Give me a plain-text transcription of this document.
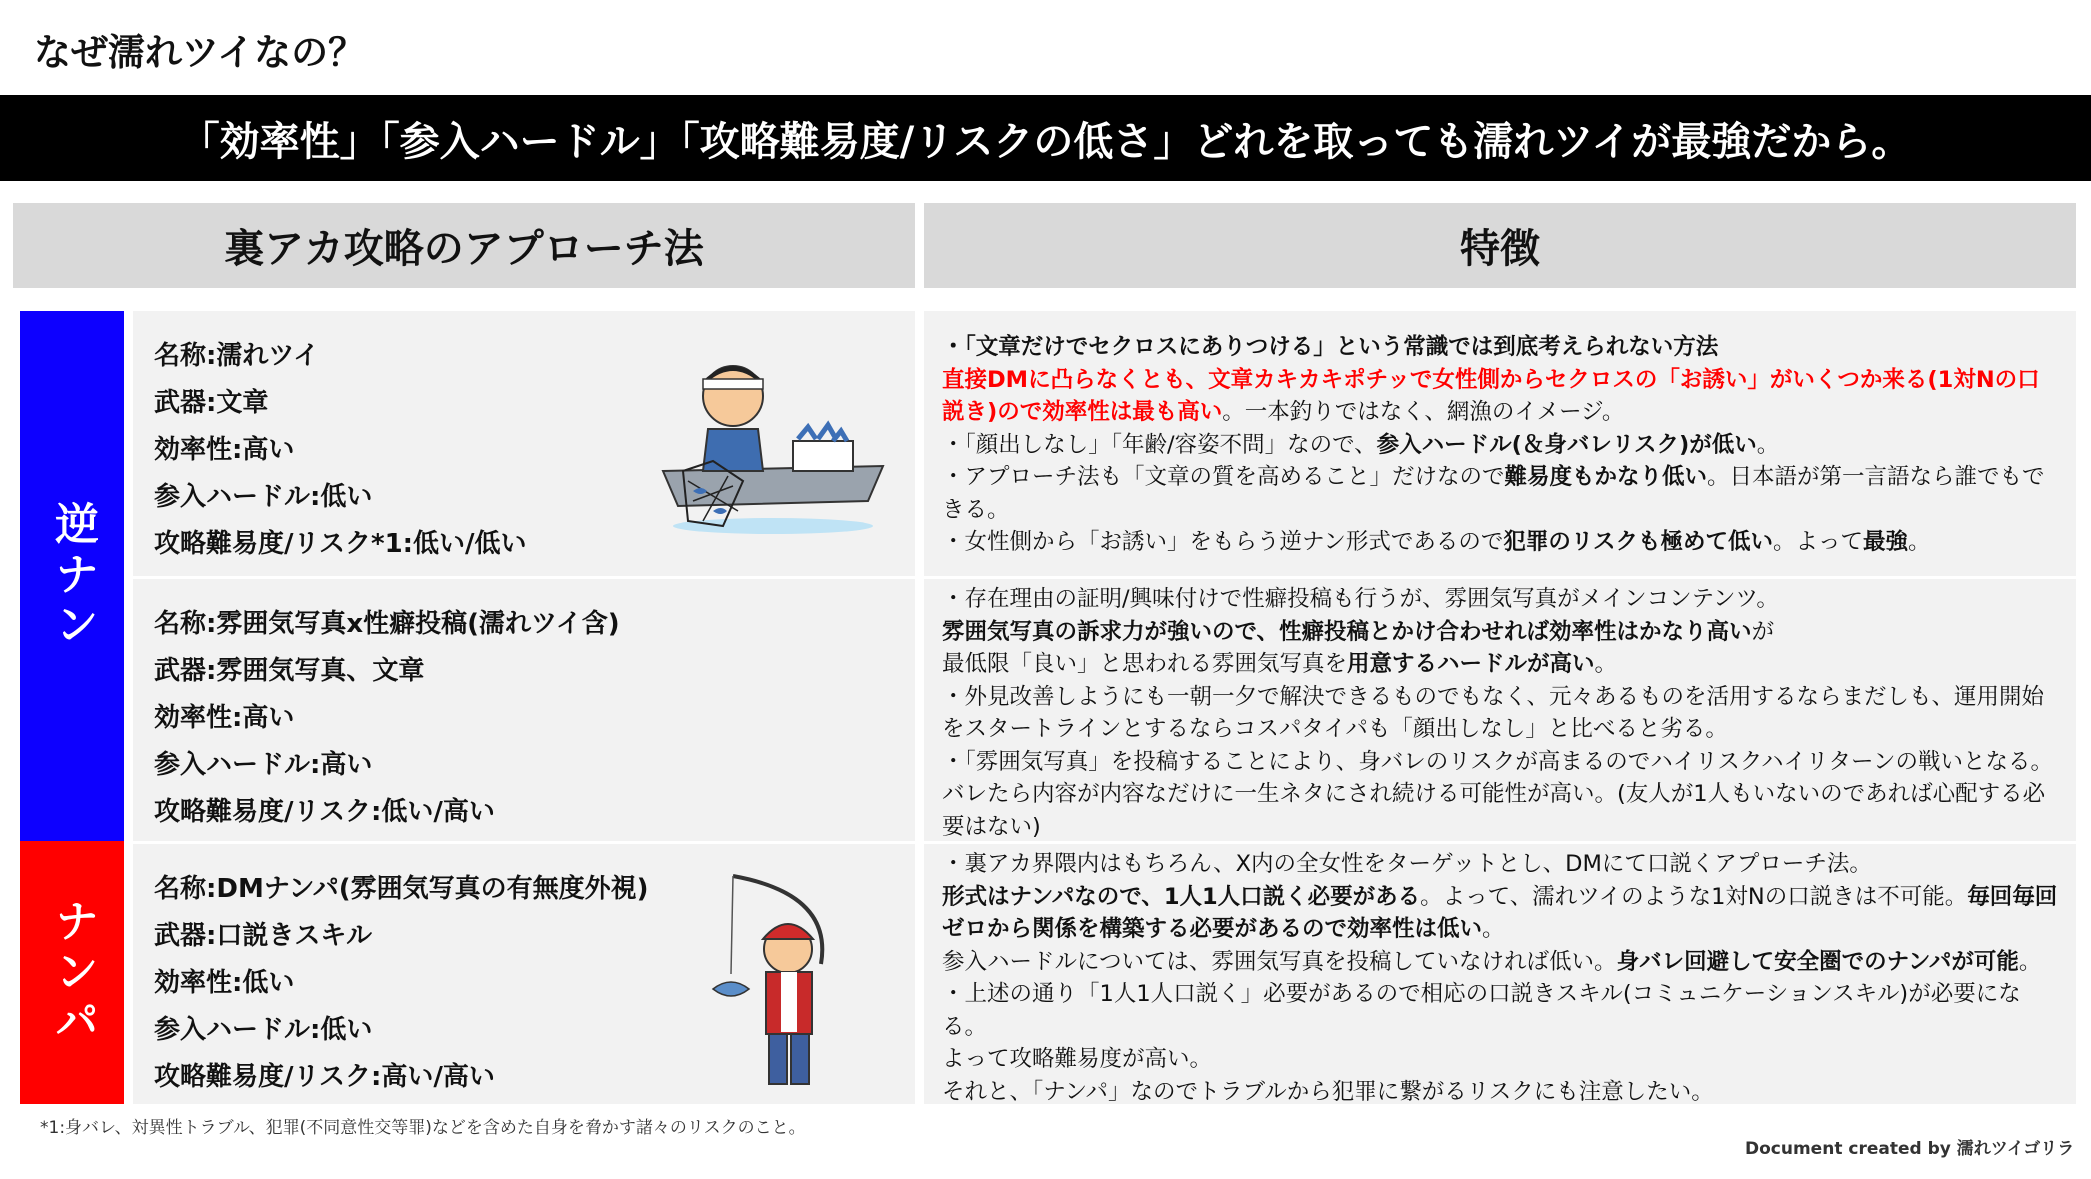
なぜ濡れツイなの？
「効率性」「参入ハードル」「攻略難易度/リスクの低さ」どれを取っても濡れツイが最強だから。
裏アカ攻略のアプローチ法	特徴
逆ナン
ナンパ
名称:濡れツイ
武器:文章
効率性:高い
参入ハードル:低い
攻略難易度/リスク*1:低い/低い

・「文章だけでセクロスにありつける」という常識では到底考えられない方法

直接DMに凸らなくとも、文章カキカキポチッで女性側からセクロスの「お誘い」がいくつか来る(1対Nの口説き)ので効率性は最も高い。一本釣りではなく、網漁のイメージ。

・「顔出しなし」「年齢/容姿不問」なので、参入ハードル(＆身バレリスク)が低い。

・アプローチ法も「文章の質を高めること」だけなので難易度もかなり低い。日本語が第一言語なら誰でもできる。

・女性側から「お誘い」をもらう逆ナン形式であるので犯罪のリスクも極めて低い。よって最強。

名称:雰囲気写真x性癖投稿(濡れツイ含)
武器:雰囲気写真、文章
効率性:高い
参入ハードル:高い
攻略難易度/リスク:低い/高い

・存在理由の証明/興味付けで性癖投稿も行うが、雰囲気写真がメインコンテンツ。

雰囲気写真の訴求力が強いので、性癖投稿とかけ合わせれば効率性はかなり高いが

最低限「良い」と思われる雰囲気写真を用意するハードルが高い。

・外見改善しようにも一朝一夕で解決できるものでもなく、元々あるものを活用するならまだしも、運用開始をスタートラインとするならコスパタイパも「顔出しなし」と比べると劣る。

・「雰囲気写真」を投稿することにより、身バレのリスクが高まるのでハイリスクハイリターンの戦いとなる。バレたら内容が内容なだけに一生ネタにされ続ける可能性が高い。(友人が1人もいないのであれば心配する必要はない)

名称:DMナンパ(雰囲気写真の有無度外視)
武器:口説きスキル
効率性:低い
参入ハードル:低い
攻略難易度/リスク:高い/高い

・裏アカ界隈内はもちろん、X内の全女性をターゲットとし、DMにて口説くアプローチ法。

形式はナンパなので、1人1人口説く必要がある。よって、濡れツイのような1対Nの口説きは不可能。毎回毎回ゼロから関係を構築する必要があるので効率性は低い。

参入ハードルについては、雰囲気写真を投稿していなければ低い。身バレ回避して安全圏でのナンパが可能。

・上述の通り「1人1人口説く」必要があるので相応の口説きスキル(コミュニケーションスキル)が必要になる。

よって攻略難易度が高い。

それと、「ナンパ」なのでトラブルから犯罪に繋がるリスクにも注意したい。

*1:身バレ、対異性トラブル、犯罪(不同意性交等罪)などを含めた自身を脅かす諸々のリスクのこと。
Document created by 濡れツイゴリラ
